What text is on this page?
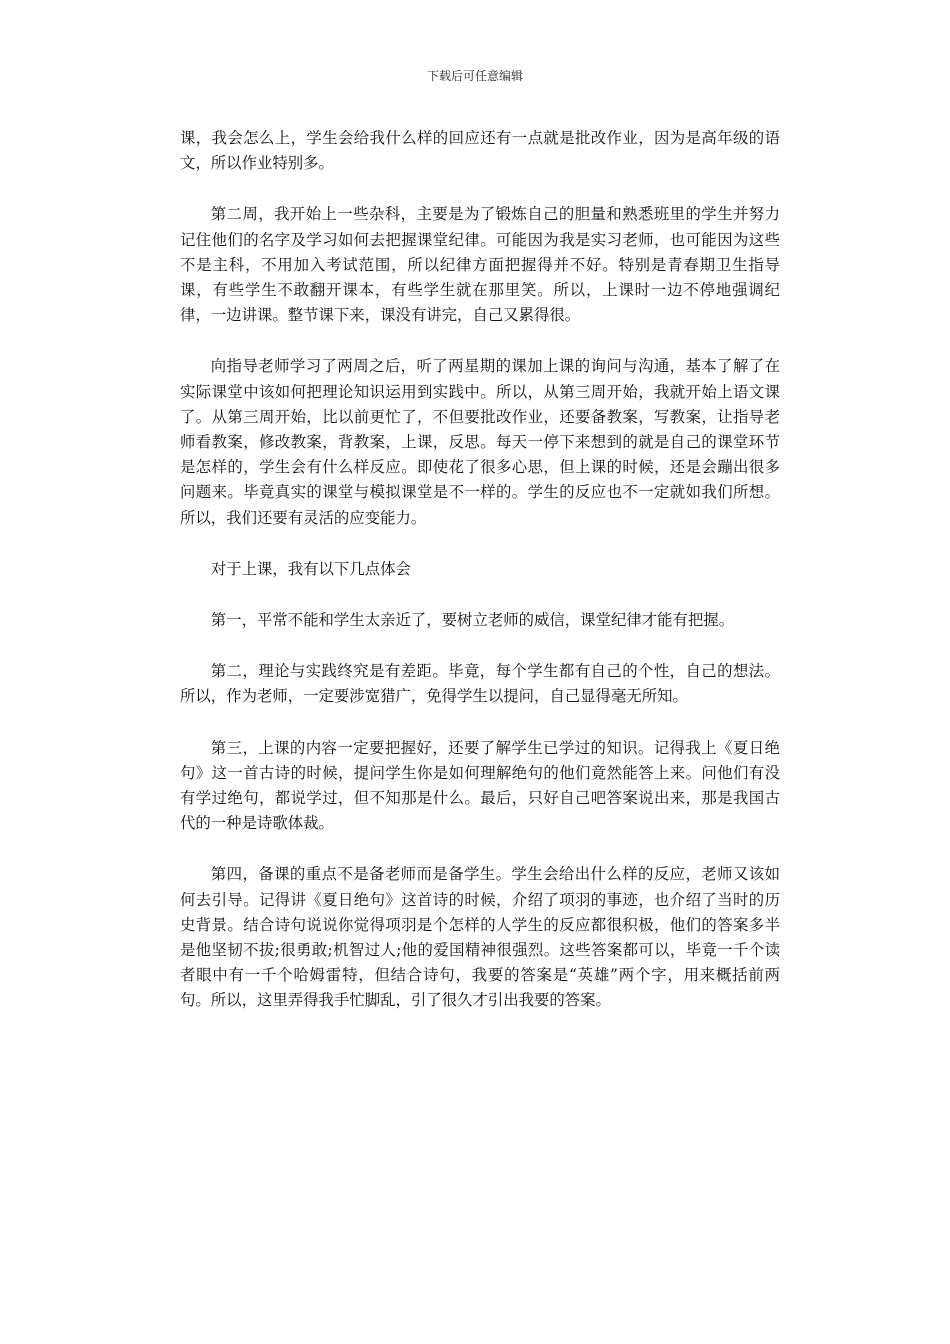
下载后可任意编辑

课，我会怎么上，学生会给我什么样的回应还有一点就是批改作业，因为是高年级的语文，所以作业特别多。

第二周，我开始上一些杂科，主要是为了锻炼自己的胆量和熟悉班里的学生并努力记住他们的名字及学习如何去把握课堂纪律。可能因为我是实习老师，也可能因为这些不是主科，不用加入考试范围，所以纪律方面把握得并不好。特别是青春期卫生指导课，有些学生不敢翻开课本，有些学生就在那里笑。所以，上课时一边不停地强调纪律，一边讲课。整节课下来，课没有讲完，自己又累得很。

向指导老师学习了两周之后，听了两星期的课加上课的询问与沟通，基本了解了在实际课堂中该如何把理论知识运用到实践中。所以，从第三周开始，我就开始上语文课了。从第三周开始，比以前更忙了，不但要批改作业，还要备教案，写教案，让指导老师看教案，修改教案，背教案，上课，反思。每天一停下来想到的就是自己的课堂环节是怎样的，学生会有什么样反应。即使花了很多心思，但上课的时候，还是会蹦出很多问题来。毕竟真实的课堂与模拟课堂是不一样的。学生的反应也不一定就如我们所想。所以，我们还要有灵活的应变能力。

对于上课，我有以下几点体会

第一，平常不能和学生太亲近了，要树立老师的威信，课堂纪律才能有把握。

第二，理论与实践终究是有差距。毕竟，每个学生都有自己的个性，自己的想法。所以，作为老师，一定要涉宽猎广，免得学生以提问，自己显得毫无所知。

第三，上课的内容一定要把握好，还要了解学生已学过的知识。记得我上《夏日绝句》这一首古诗的时候，提问学生你是如何理解绝句的他们竟然能答上来。问他们有没有学过绝句，都说学过，但不知那是什么。最后，只好自己吧答案说出来，那是我国古代的一种是诗歌体裁。

第四，备课的重点不是备老师而是备学生。学生会给出什么样的反应，老师又该如何去引导。记得讲《夏日绝句》这首诗的时候，介绍了项羽的事迹，也介绍了当时的历史背景。结合诗句说说你觉得项羽是个怎样的人学生的反应都很积极，他们的答案多半是他坚韧不拔;很勇敢;机智过人;他的爱国精神很强烈。这些答案都可以，毕竟一千个读者眼中有一千个哈姆雷特，但结合诗句，我要的答案是“英雄”两个字，用来概括前两句。所以，这里弄得我手忙脚乱，引了很久才引出我要的答案。
